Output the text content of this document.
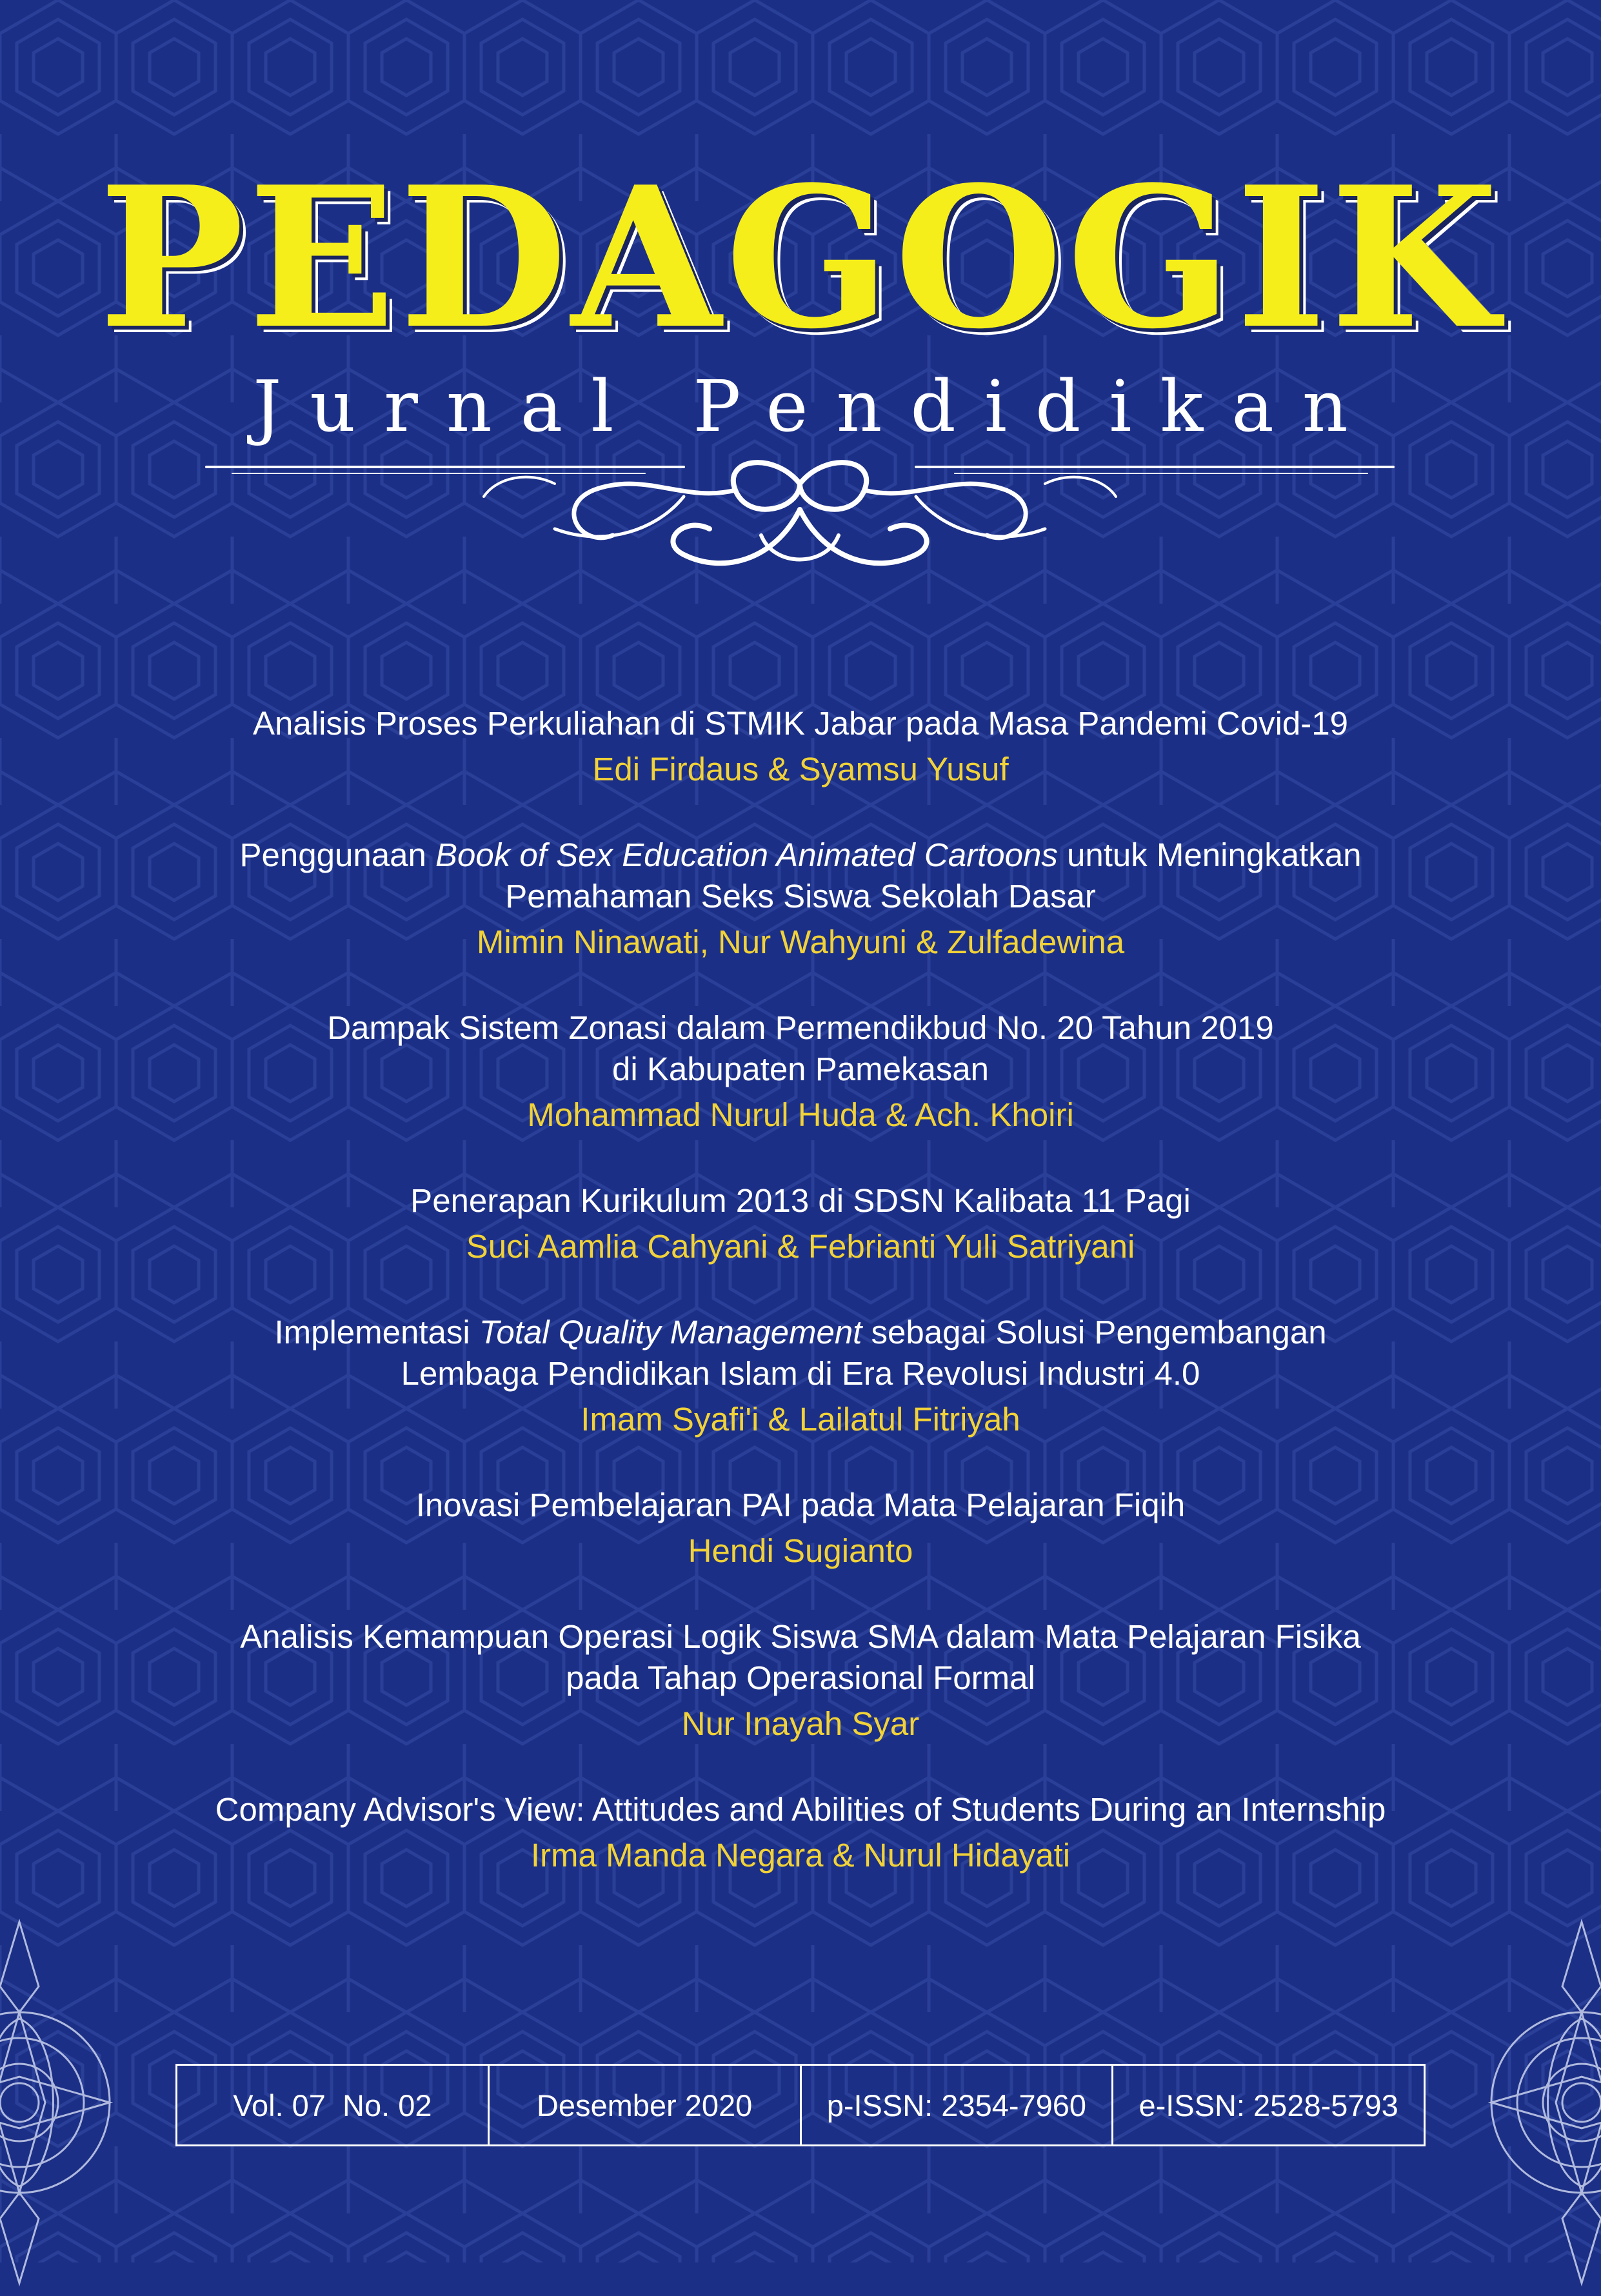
PEDAGOGIK
Jurnal Pendidikan
Analisis Proses Perkuliahan di STMIK Jabar pada Masa Pandemi Covid-19
Edi Firdaus & Syamsu Yusuf
Penggunaan Book of Sex Education Animated Cartoons untuk Meningkatkan
Pemahaman Seks Siswa Sekolah Dasar
Mimin Ninawati, Nur Wahyuni & Zulfadewina
Dampak Sistem Zonasi dalam Permendikbud No. 20 Tahun 2019
di Kabupaten Pamekasan
Mohammad Nurul Huda & Ach. Khoiri
Penerapan Kurikulum 2013 di SDSN Kalibata 11 Pagi
Suci Aamlia Cahyani & Febrianti Yuli Satriyani
Implementasi Total Quality Management sebagai Solusi Pengembangan
Lembaga Pendidikan Islam di Era Revolusi Industri 4.0
Imam Syafi'i & Lailatul Fitriyah
Inovasi Pembelajaran PAI pada Mata Pelajaran Fiqih
Hendi Sugianto
Analisis Kemampuan Operasi Logik Siswa SMA dalam Mata Pelajaran Fisika
pada Tahap Operasional Formal
Nur Inayah Syar
Company Advisor's View: Attitudes and Abilities of Students During an Internship
Irma Manda Negara & Nurul Hidayati
Vol. 07  No. 02	Desember 2020	p-ISSN: 2354-7960	e-ISSN: 2528-5793
